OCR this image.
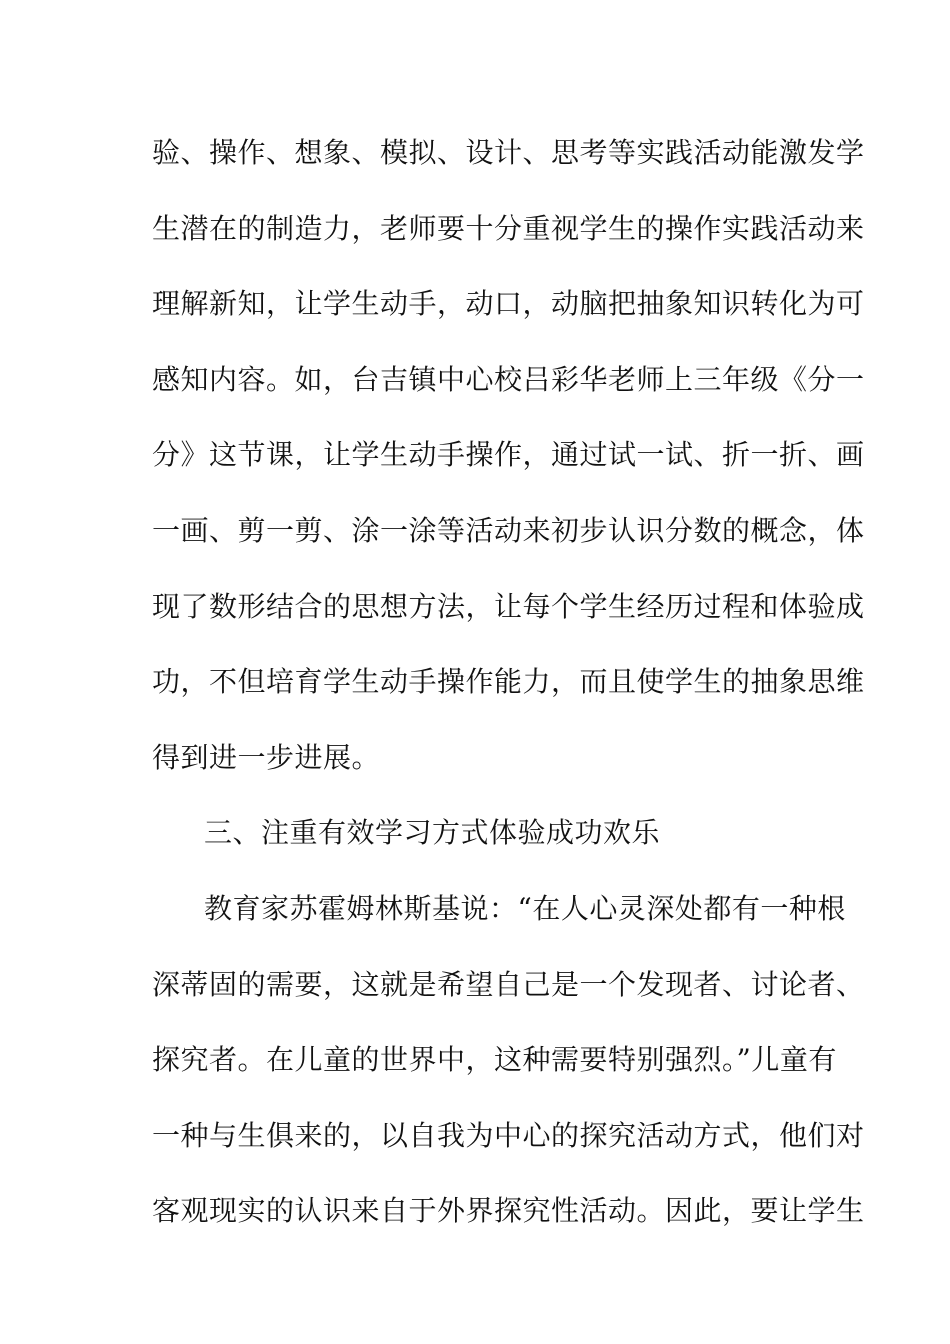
验、操作、想象、模拟、设计、思考等实践活动能激发学
生潜在的制造力，老师要十分重视学生的操作实践活动来
理解新知，让学生动手，动口，动脑把抽象知识转化为可
感知内容。如，台吉镇中心校吕彩华老师上三年级《分一
分》这节课，让学生动手操作，通过试一试、折一折、画
一画、剪一剪、涂一涂等活动来初步认识分数的概念，体
现了数形结合的思想方法，让每个学生经历过程和体验成
功，不但培育学生动手操作能力，而且使学生的抽象思维
得到进一步进展。
三、注重有效学习方式体验成功欢乐
教育家苏霍姆林斯基说：“在人心灵深处都有一种根
深蒂固的需要，这就是希望自己是一个发现者、讨论者、
探究者。在儿童的世界中，这种需要特别强烈。”儿童有
一种与生俱来的，以自我为中心的探究活动方式，他们对
客观现实的认识来自于外界探究性活动。因此，要让学生
